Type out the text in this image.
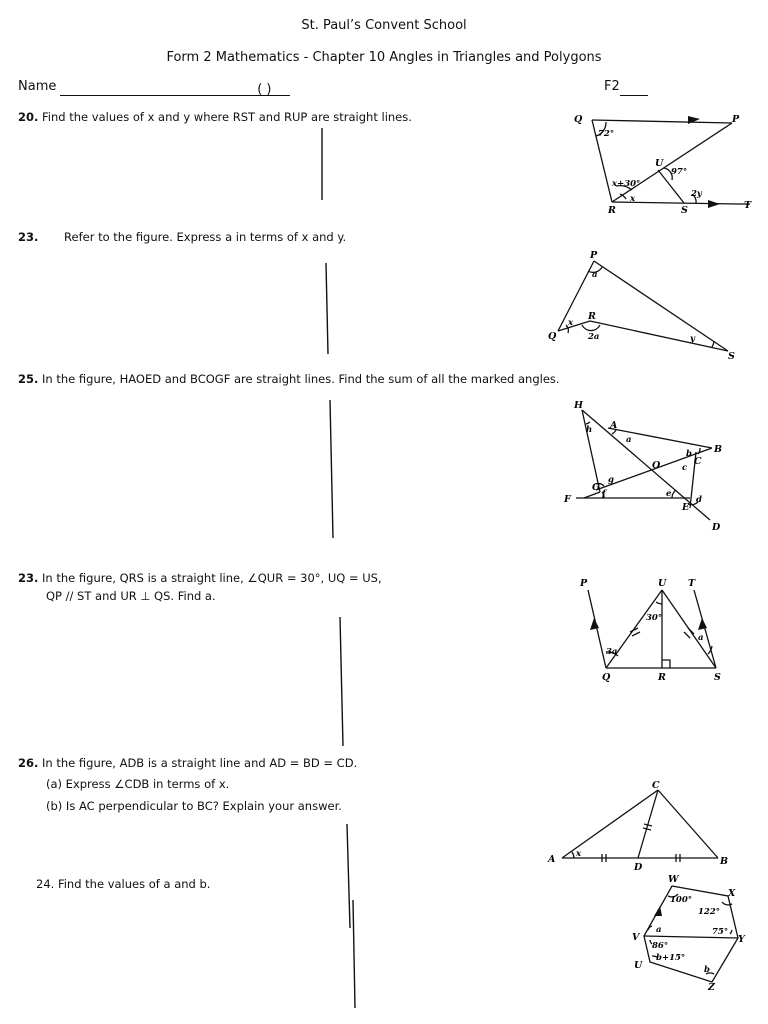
St. Paul’s Convent School
Form 2 Mathematics - Chapter 10 Angles in Triangles and Polygons
Name	( )	F2
20. Find the values of x and y where RST and RUP are straight lines.
23. Refer to the figure. Express a in terms of x and y.
25. In the figure, HAOED and BCOGF are straight lines. Find the sum of all the marked angles.
23. In the figure, QRS is a straight line, ∠QUR = 30°, UQ = US,
QP // ST and UR ⊥ QS. Find a.
26. In the figure, ADB is a straight line and AD = BD = CD.
(a) Express ∠CDB in terms of x.
(b) Is AC perpendicular to BC? Explain your answer.
24. Find the values of a and b.
Q	P
U
R	S	T
72°
97°
x+30°
x	2y
P
Q
R
S
a
x
2a	y
H
A
B
C
O
G
F
E
D
h
a
b
c
g
f	e
d
P	U T
Q	R	S
30°
3a
a
C
A
D
B
x
W
X
V	Y
U
Z
100°
122°
a	75°
86°
b+15°
b
